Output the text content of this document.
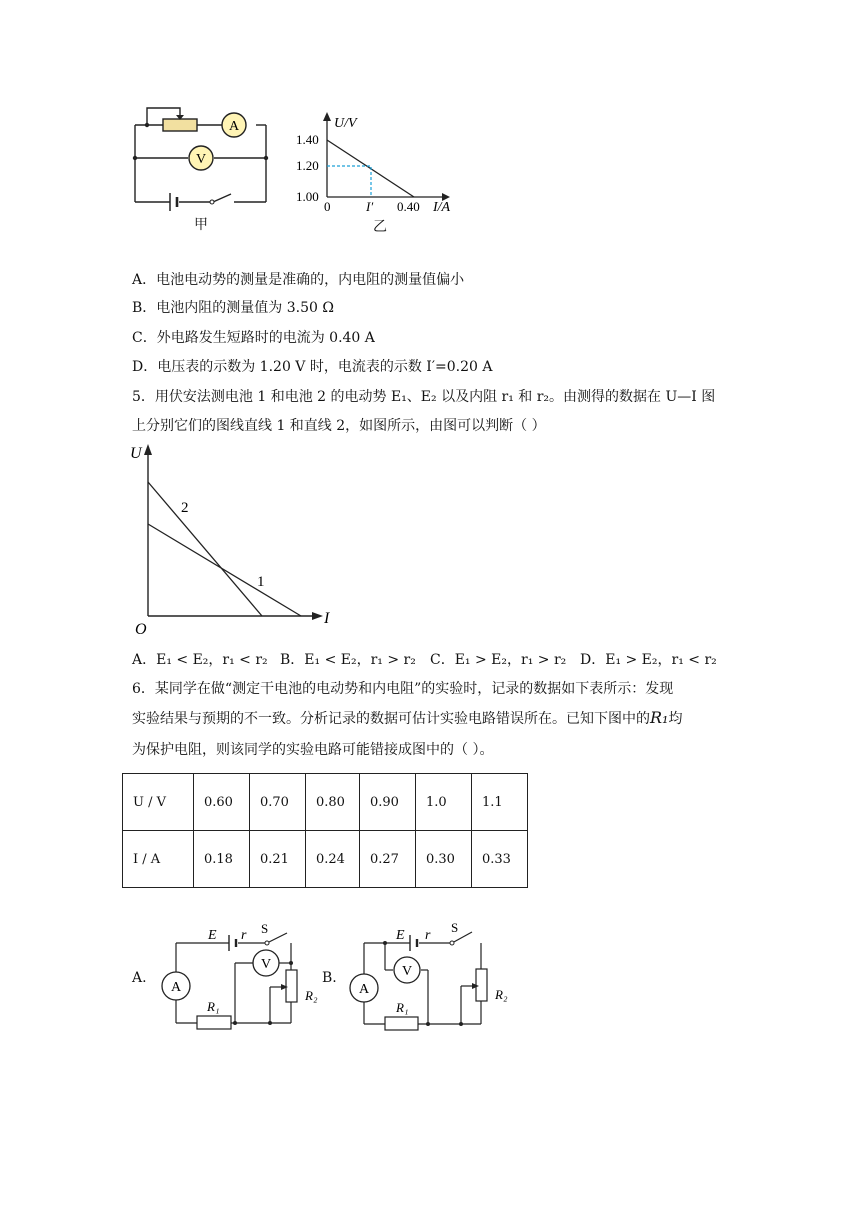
A
V
甲
U/V
1.40
1.20
1.00
0	I′ 0.40 I/A
乙
A．电池电动势的测量是准确的，内电阻的测量值偏小
B．电池内阻的测量值为 3.50 Ω
C．外电路发生短路时的电流为 0.40 A
D．电压表的示数为 1.20 V 时，电流表的示数 I′=0.20 A
5．用伏安法测电池 1 和电池 2 的电动势 E₁、E₂ 以及内阻 r₁ 和 r₂。由测得的数据在 U—I 图
上分别它们的图线直线 1 和直线 2，如图所示，由图可以判断（ ）
U
I
O
2
1
A．E₁ < E₂，r₁ < r₂ B．E₁ < E₂，r₁ > r₂ C．E₁ > E₂，r₁ > r₂ D．E₁ > E₂，r₁ < r₂
6．某同学在做“测定干电池的电动势和内电阻”的实验时，记录的数据如下表所示：发现
实验结果与预期的不一致。分析记录的数据可估计实验电路错误所在。已知下图中的R₁均
为保护电阻，则该同学的实验电路可能错接成图中的（ ）。
U / V	0.60	0.70	0.80	0.90	1.0	1.1
I / A	0.18	0.21	0.24	0.27	0.30	0.33
A.
A
V
E r S
R₁
R₂
B.
A
V
E r
S
R₁
R₂
